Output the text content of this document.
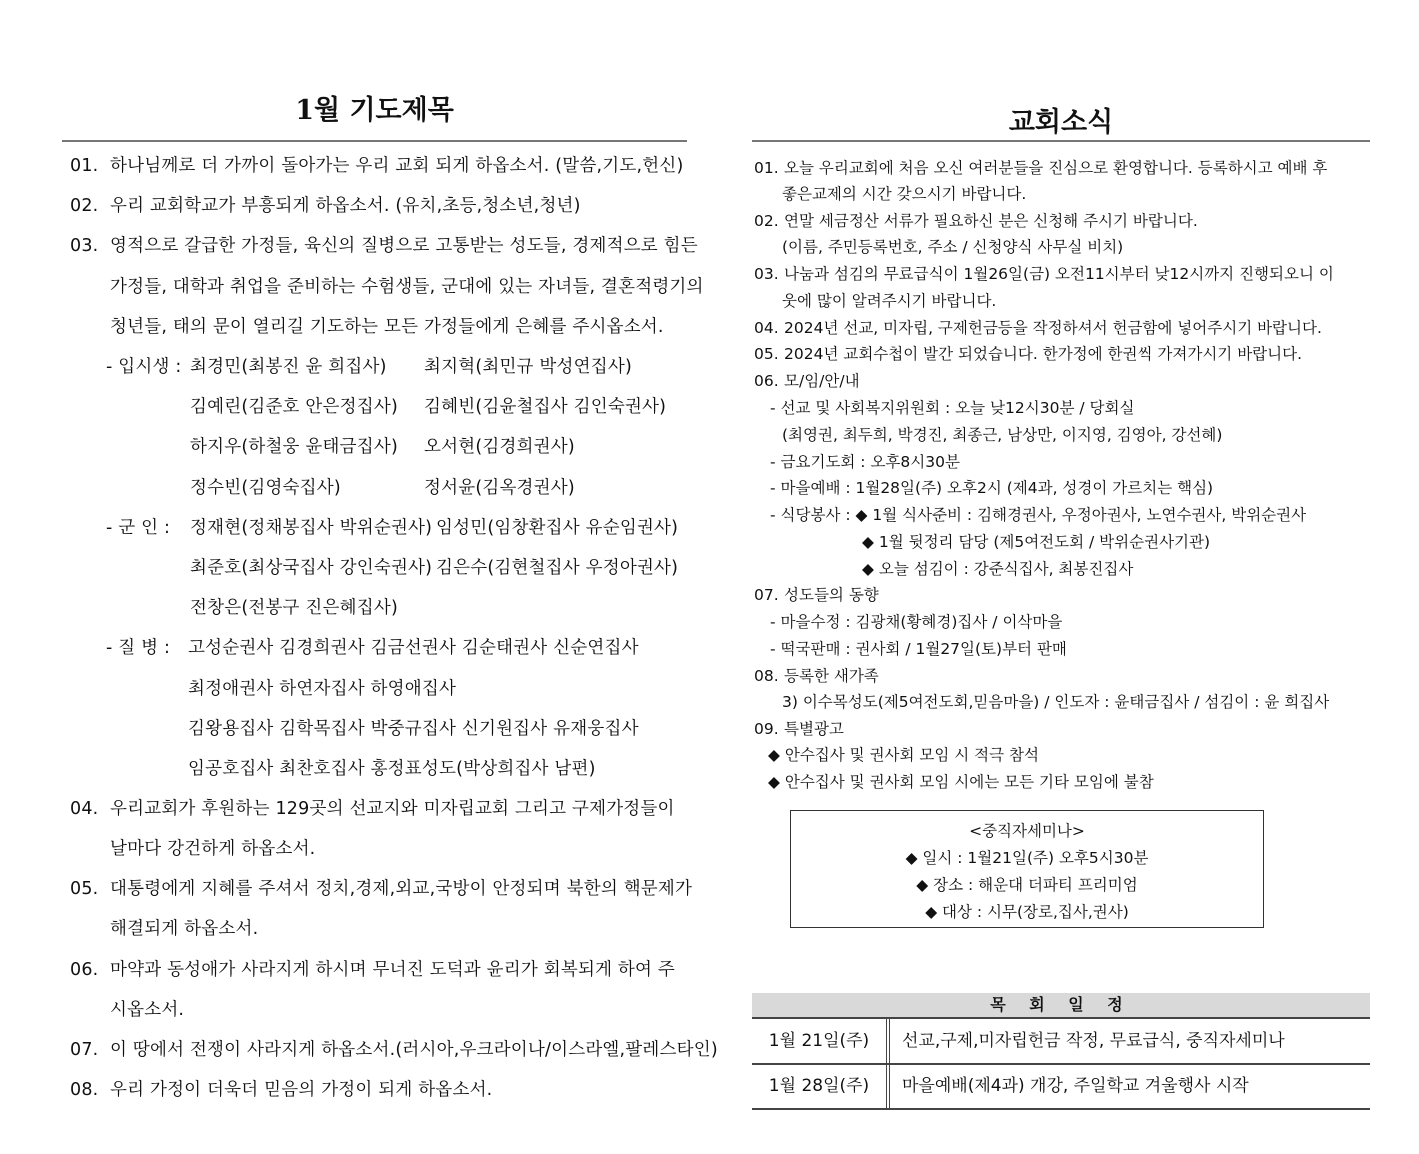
1월 기도제목
01. 하나님께로 더 가까이 돌아가는 우리 교회 되게 하옵소서. (말씀,기도,헌신)
02. 우리 교회학교가 부흥되게 하옵소서. (유치,초등,청소년,청년)
03. 영적으로 갈급한 가정들, 육신의 질병으로 고통받는 성도들, 경제적으로 힘든
가정들, 대학과 취업을 준비하는 수험생들, 군대에 있는 자녀들, 결혼적령기의
청년들, 태의 문이 열리길 기도하는 모든 가정들에게 은혜를 주시옵소서.
- 입시생 : 최경민(최봉진 윤 희집사) 최지혁(최민규 박성연집사)
김예린(김준호 안은정집사) 김혜빈(김윤철집사 김인숙권사)
하지우(하철웅 윤태금집사) 오서현(김경희권사)
정수빈(김영숙집사)	정서윤(김옥경권사)
- 군 인 : 정재현(정채봉집사 박위순권사) 임성민(임창환집사 유순임권사)
최준호(최상국집사 강인숙권사) 김은수(김현철집사 우정아권사)
전창은(전봉구 진은혜집사)
- 질 병 : 고성순권사 김경희권사 김금선권사 김순태권사 신순연집사
최정애권사 하연자집사 하영애집사
김왕용집사 김학목집사 박중규집사 신기원집사 유재웅집사
임공호집사 최찬호집사 홍정표성도(박상희집사 남편)
04. 우리교회가 후원하는 129곳의 선교지와 미자립교회 그리고 구제가정들이
날마다 강건하게 하옵소서.
05. 대통령에게 지혜를 주셔서 정치,경제,외교,국방이 안정되며 북한의 핵문제가
해결되게 하옵소서.
06. 마약과 동성애가 사라지게 하시며 무너진 도덕과 윤리가 회복되게 하여 주
시옵소서.
07. 이 땅에서 전쟁이 사라지게 하옵소서.(러시아,우크라이나/이스라엘,팔레스타인)
08. 우리 가정이 더욱더 믿음의 가정이 되게 하옵소서.
교회소식
01. 오늘 우리교회에 처음 오신 여러분들을 진심으로 환영합니다. 등록하시고 예배 후
좋은교제의 시간 갖으시기 바랍니다.
02. 연말 세금정산 서류가 필요하신 분은 신청해 주시기 바랍니다.
(이름, 주민등록번호, 주소 / 신청양식 사무실 비치)
03. 나눔과 섬김의 무료급식이 1월26일(금) 오전11시부터 낮12시까지 진행되오니 이
웃에 많이 알려주시기 바랍니다.
04. 2024년 선교, 미자립, 구제헌금등을 작정하셔서 헌금함에 넣어주시기 바랍니다.
05. 2024년 교회수첩이 발간 되었습니다. 한가정에 한권씩 가져가시기 바랍니다.
06. 모/임/안/내
- 선교 및 사회복지위원회 : 오늘 낮12시30분 / 당회실
(최영권, 최두희, 박경진, 최종근, 남상만, 이지영, 김영아, 강선혜)
- 금요기도회 : 오후8시30분
- 마을예배 : 1월28일(주) 오후2시 (제4과, 성경이 가르치는 핵심)
- 식당봉사 : ◆ 1월 식사준비 : 김해경권사, 우정아권사, 노연수권사, 박위순권사
◆ 1월 뒷정리 담당 (제5여전도회 / 박위순권사기관)
◆ 오늘 섬김이 : 강준식집사, 최봉진집사
07. 성도들의 동향
- 마을수정 : 김광채(황혜경)집사 / 이삭마을
- 떡국판매 : 권사회 / 1월27일(토)부터 판매
08. 등록한 새가족
3) 이수목성도(제5여전도회,믿음마을) / 인도자 : 윤태금집사 / 섬김이 : 윤 희집사
09. 특별광고
◆ 안수집사 및 권사회 모임 시 적극 참석
◆ 안수집사 및 권사회 모임 시에는 모든 기타 모임에 불참
<중직자세미나>
◆ 일시 : 1월21일(주) 오후5시30분
◆ 장소 : 해운대 더파티 프리미엄
◆ 대상 : 시무(장로,집사,권사)
목 회 일 정
1월 21일(주)	선교,구제,미자립헌금 작정, 무료급식, 중직자세미나
1월 28일(주)	마을예배(제4과) 개강, 주일학교 겨울행사 시작
